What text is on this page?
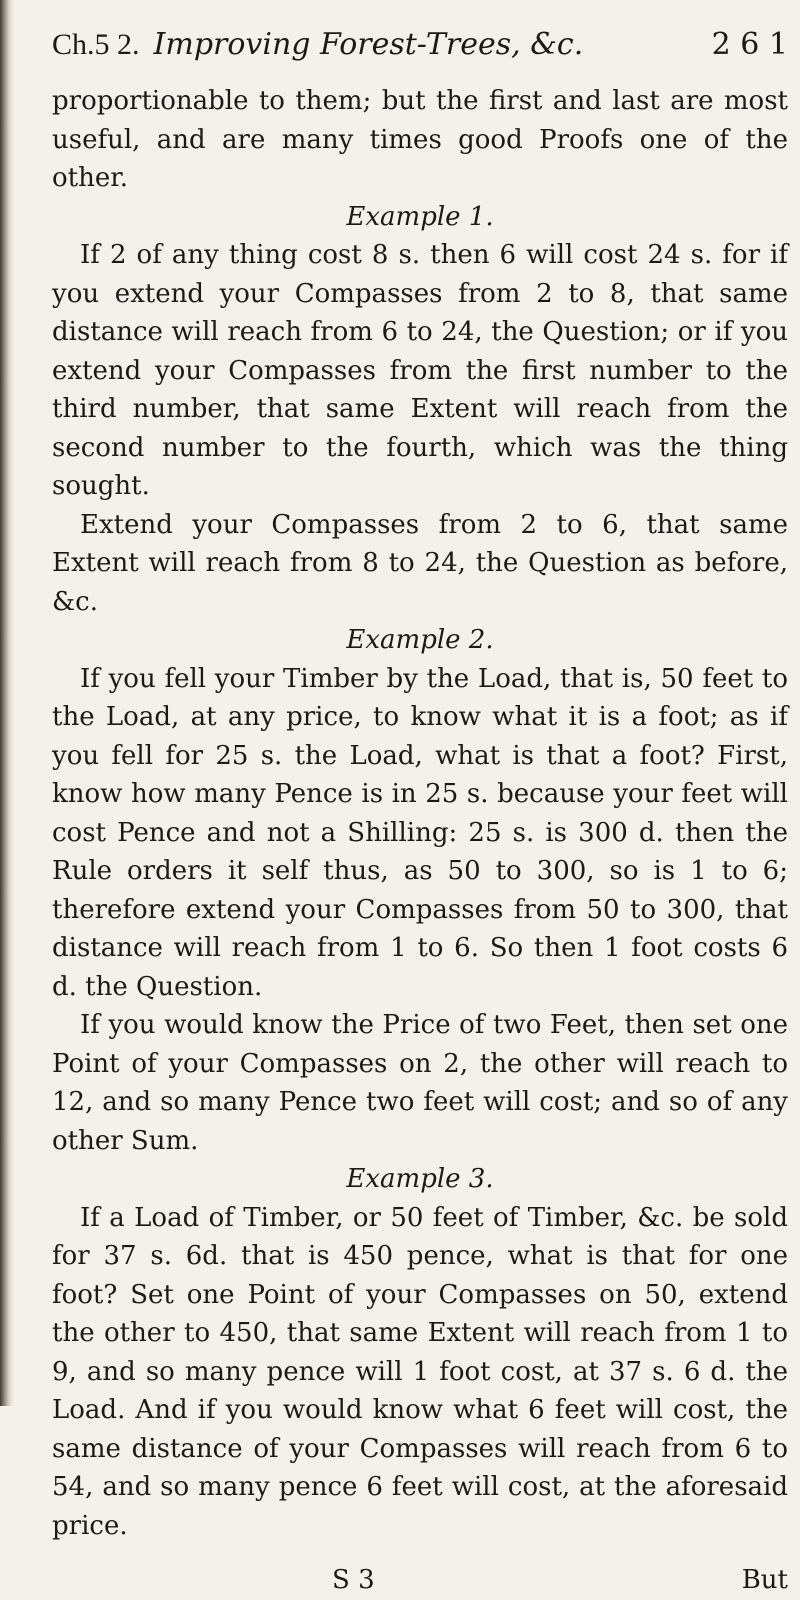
Ch.5 2. Improving Forest-Trees, &c.	2 6 1

proportionable to them; but the first and last are most useful, and are many times good Proofs one of the other.

Example 1.

If 2 of any thing cost 8 s. then 6 will cost 24 s. for if you extend your Compasses from 2 to 8, that same distance will reach from 6 to 24, the Question; or if you extend your Compasses from the first number to the third number, that same Extent will reach from the second number to the fourth, which was the thing sought.

Extend your Compasses from 2 to 6, that same Extent will reach from 8 to 24, the Question as before, &c.

Example 2.

If you fell your Timber by the Load, that is, 50 feet to the Load, at any price, to know what it is a foot; as if you fell for 25 s. the Load, what is that a foot? First, know how many Pence is in 25 s. because your feet will cost Pence and not a Shilling: 25 s. is 300 d. then the Rule orders it self thus, as 50 to 300, so is 1 to 6; therefore extend your Compasses from 50 to 300, that distance will reach from 1 to 6. So then 1 foot costs 6 d. the Question.

If you would know the Price of two Feet, then set one Point of your Compasses on 2, the other will reach to 12, and so many Pence two feet will cost; and so of any other Sum.

Example 3.

If a Load of Timber, or 50 feet of Timber, &c. be sold for 37 s. 6d. that is 450 pence, what is that for one foot? Set one Point of your Compasses on 50, extend the other to 450, that same Extent will reach from 1 to 9, and so many pence will 1 foot cost, at 37 s. 6 d. the Load. And if you would know what 6 feet will cost, the same distance of your Compasses will reach from 6 to 54, and so many pence 6 feet will cost, at the aforesaid price.

S 3	But
